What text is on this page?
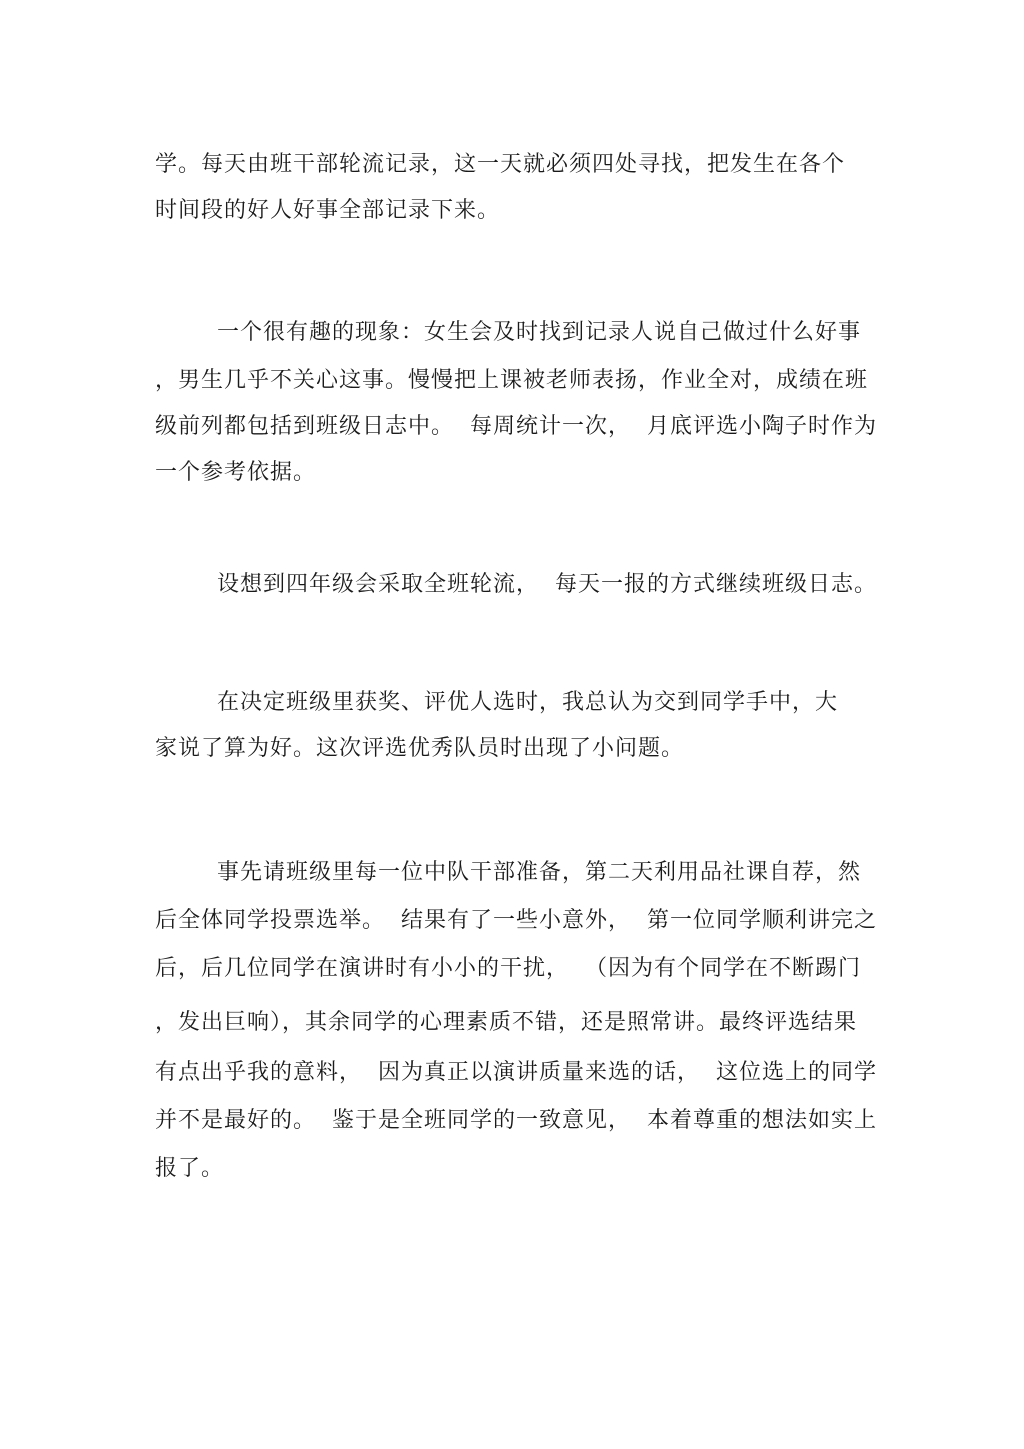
学。每天由班干部轮流记录，这一天就必须四处寻找，把发生在各个
时间段的好人好事全部记录下来。
一个很有趣的现象：女生会及时找到记录人说自己做过什么好事
，男生几乎不关心这事。慢慢把上课被老师表扬，作业全对，成绩在班
级前列都包括到班级日志中。  每周统计一次，  月底评选小陶子时作为
一个参考依据。
设想到四年级会采取全班轮流，  每天一报的方式继续班级日志。
在决定班级里获奖、评优人选时，我总认为交到同学手中，大
家说了算为好。这次评选优秀队员时出现了小问题。
事先请班级里每一位中队干部准备，第二天利用品社课自荐，然
后全体同学投票选举。  结果有了一些小意外，  第一位同学顺利讲完之
后，后几位同学在演讲时有小小的干扰，  （因为有个同学在不断踢门
，发出巨响），其余同学的心理素质不错，还是照常讲。最终评选结果
有点出乎我的意料，  因为真正以演讲质量来选的话，  这位选上的同学
并不是最好的。  鉴于是全班同学的一致意见，  本着尊重的想法如实上
报了。
